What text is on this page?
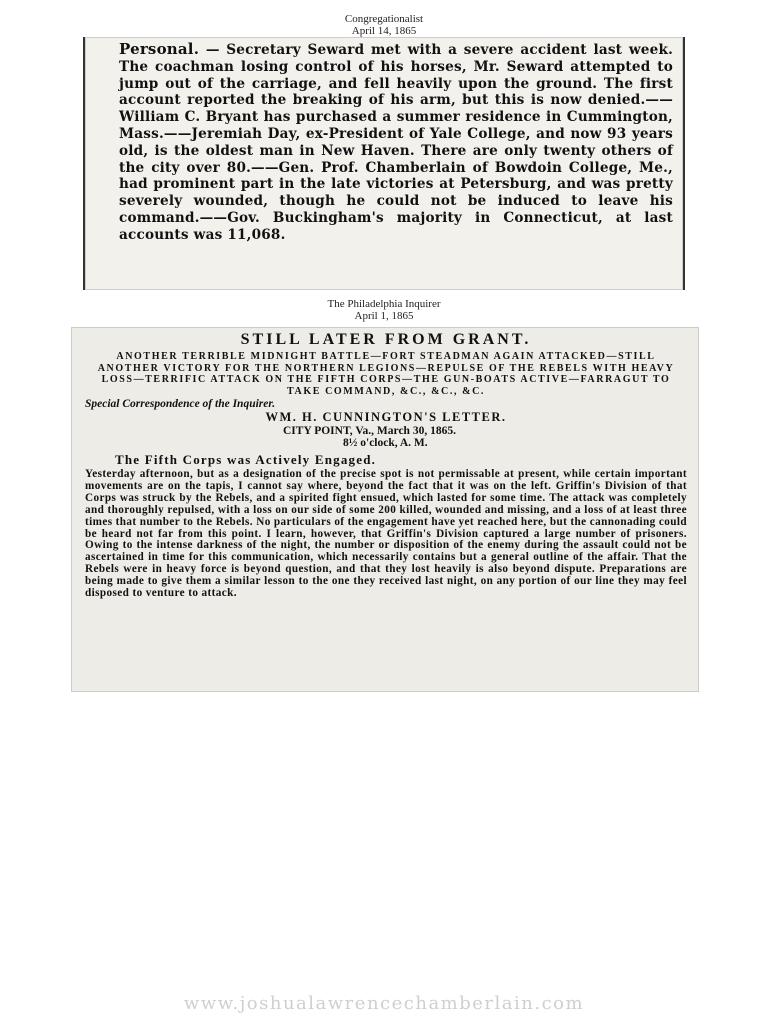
Congregationalist
April 14, 1865
Personal. — Secretary Seward met with a severe accident last week. The coachman losing control of his horses, Mr. Seward attempted to jump out of the carriage, and fell heavily upon the ground. The first account reported the breaking of his arm, but this is now denied.——William C. Bryant has purchased a summer residence in Cummington, Mass.——Jeremiah Day, ex-President of Yale College, and now 93 years old, is the oldest man in New Haven. There are only twenty others of the city over 80.——Gen. Prof. Chamberlain of Bowdoin College, Me., had prominent part in the late victories at Petersburg, and was pretty severely wounded, though he could not be induced to leave his command.——Gov. Buckingham's majority in Connecticut, at last accounts was 11,068.
The Philadelphia Inquirer
April 1, 1865
STILL LATER FROM GRANT.
ANOTHER TERRIBLE MIDNIGHT BATTLE—FORT STEADMAN AGAIN ATTACKED—STILL ANOTHER VICTORY FOR THE NORTHERN LEGIONS—REPULSE OF THE REBELS WITH HEAVY LOSS—TERRIFIC ATTACK ON THE FIFTH CORPS—THE GUN-BOATS ACTIVE—FARRAGUT TO TAKE COMMAND, &C., &C., &C.
Special Correspondence of the Inquirer.
WM. H. CUNNINGTON'S LETTER.
CITY POINT, Va., March 30, 1865.
8½ o'clock, A. M.
The Fifth Corps was Actively Engaged.
Yesterday afternoon, but as a designation of the precise spot is not permissable at present, while certain important movements are on the tapis, I cannot say where, beyond the fact that it was on the left. Griffin's Division of that Corps was struck by the Rebels, and a spirited fight ensued, which lasted for some time. The attack was completely and thoroughly repulsed, with a loss on our side of some 200 killed, wounded and missing, and a loss of at least three times that number to the Rebels. No particulars of the engagement have yet reached here, but the cannonading could be heard not far from this point. I learn, however, that Griffin's Division captured a large number of prisoners. Owing to the intense darkness of the night, the number or disposition of the enemy during the assault could not be ascertained in time for this communication, which necessarily contains but a general outline of the affair. That the Rebels were in heavy force is beyond question, and that they lost heavily is also beyond dispute. Preparations are being made to give them a similar lesson to the one they received last night, on any portion of our line they may feel disposed to venture to attack.
www.joshualawrencechamberlain.com
